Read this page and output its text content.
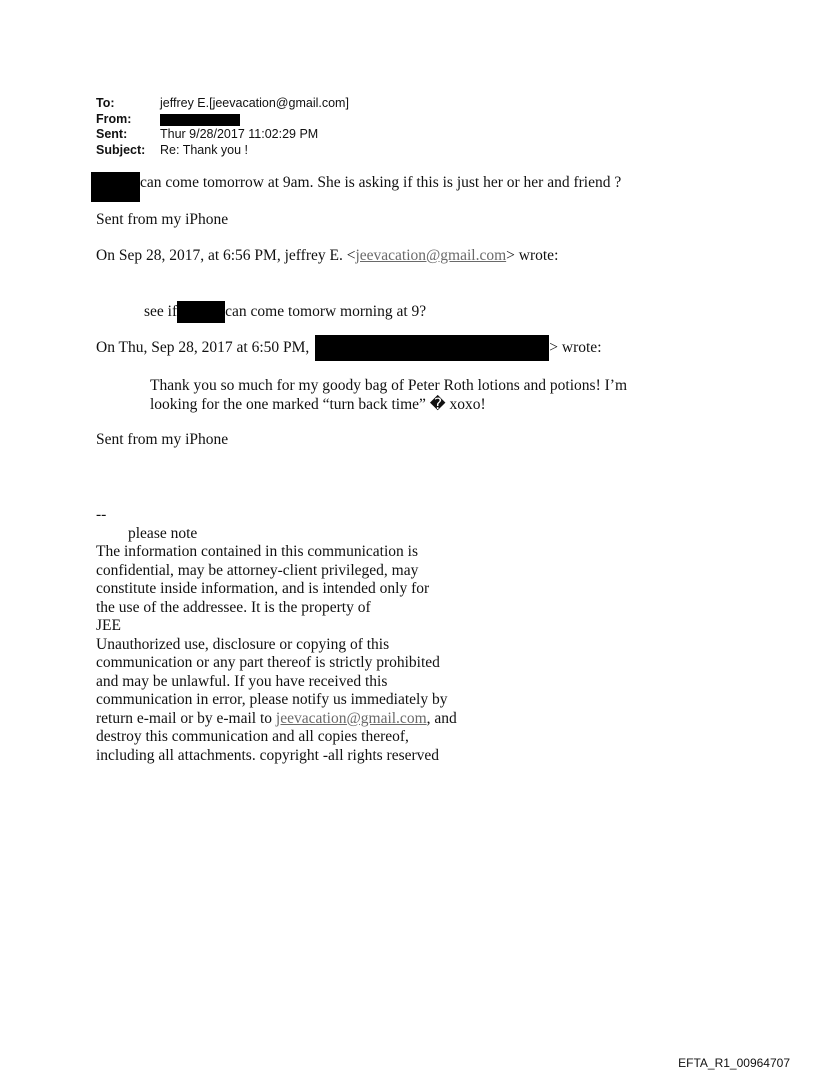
To:	jeffrey E.[jeevacation@gmail.com]
From:
Sent:	Thur 9/28/2017 11:02:29 PM
Subject:	Re: Thank you !
can come tomorrow at 9am. She is asking if this is just her or her and friend ?
Sent from my iPhone
On Sep 28, 2017, at 6:56 PM, jeffrey E. <jeevacation@gmail.com> wrote:
see if	can come tomorw morning at 9?
On Thu, Sep 28, 2017 at 6:50 PM,	> wrote:
Thank you so much for my goody bag of Peter Roth lotions and potions! I’m
looking for the one marked “turn back time” � xoxo!
Sent from my iPhone
--
please note
The information contained in this communication is
confidential, may be attorney-client privileged, may
constitute inside information, and is intended only for
the use of the addressee. It is the property of
JEE
Unauthorized use, disclosure or copying of this
communication or any part thereof is strictly prohibited
and may be unlawful. If you have received this
communication in error, please notify us immediately by
return e-mail or by e-mail to jeevacation@gmail.com, and
destroy this communication and all copies thereof,
including all attachments. copyright -all rights reserved
EFTA_R1_00964707
